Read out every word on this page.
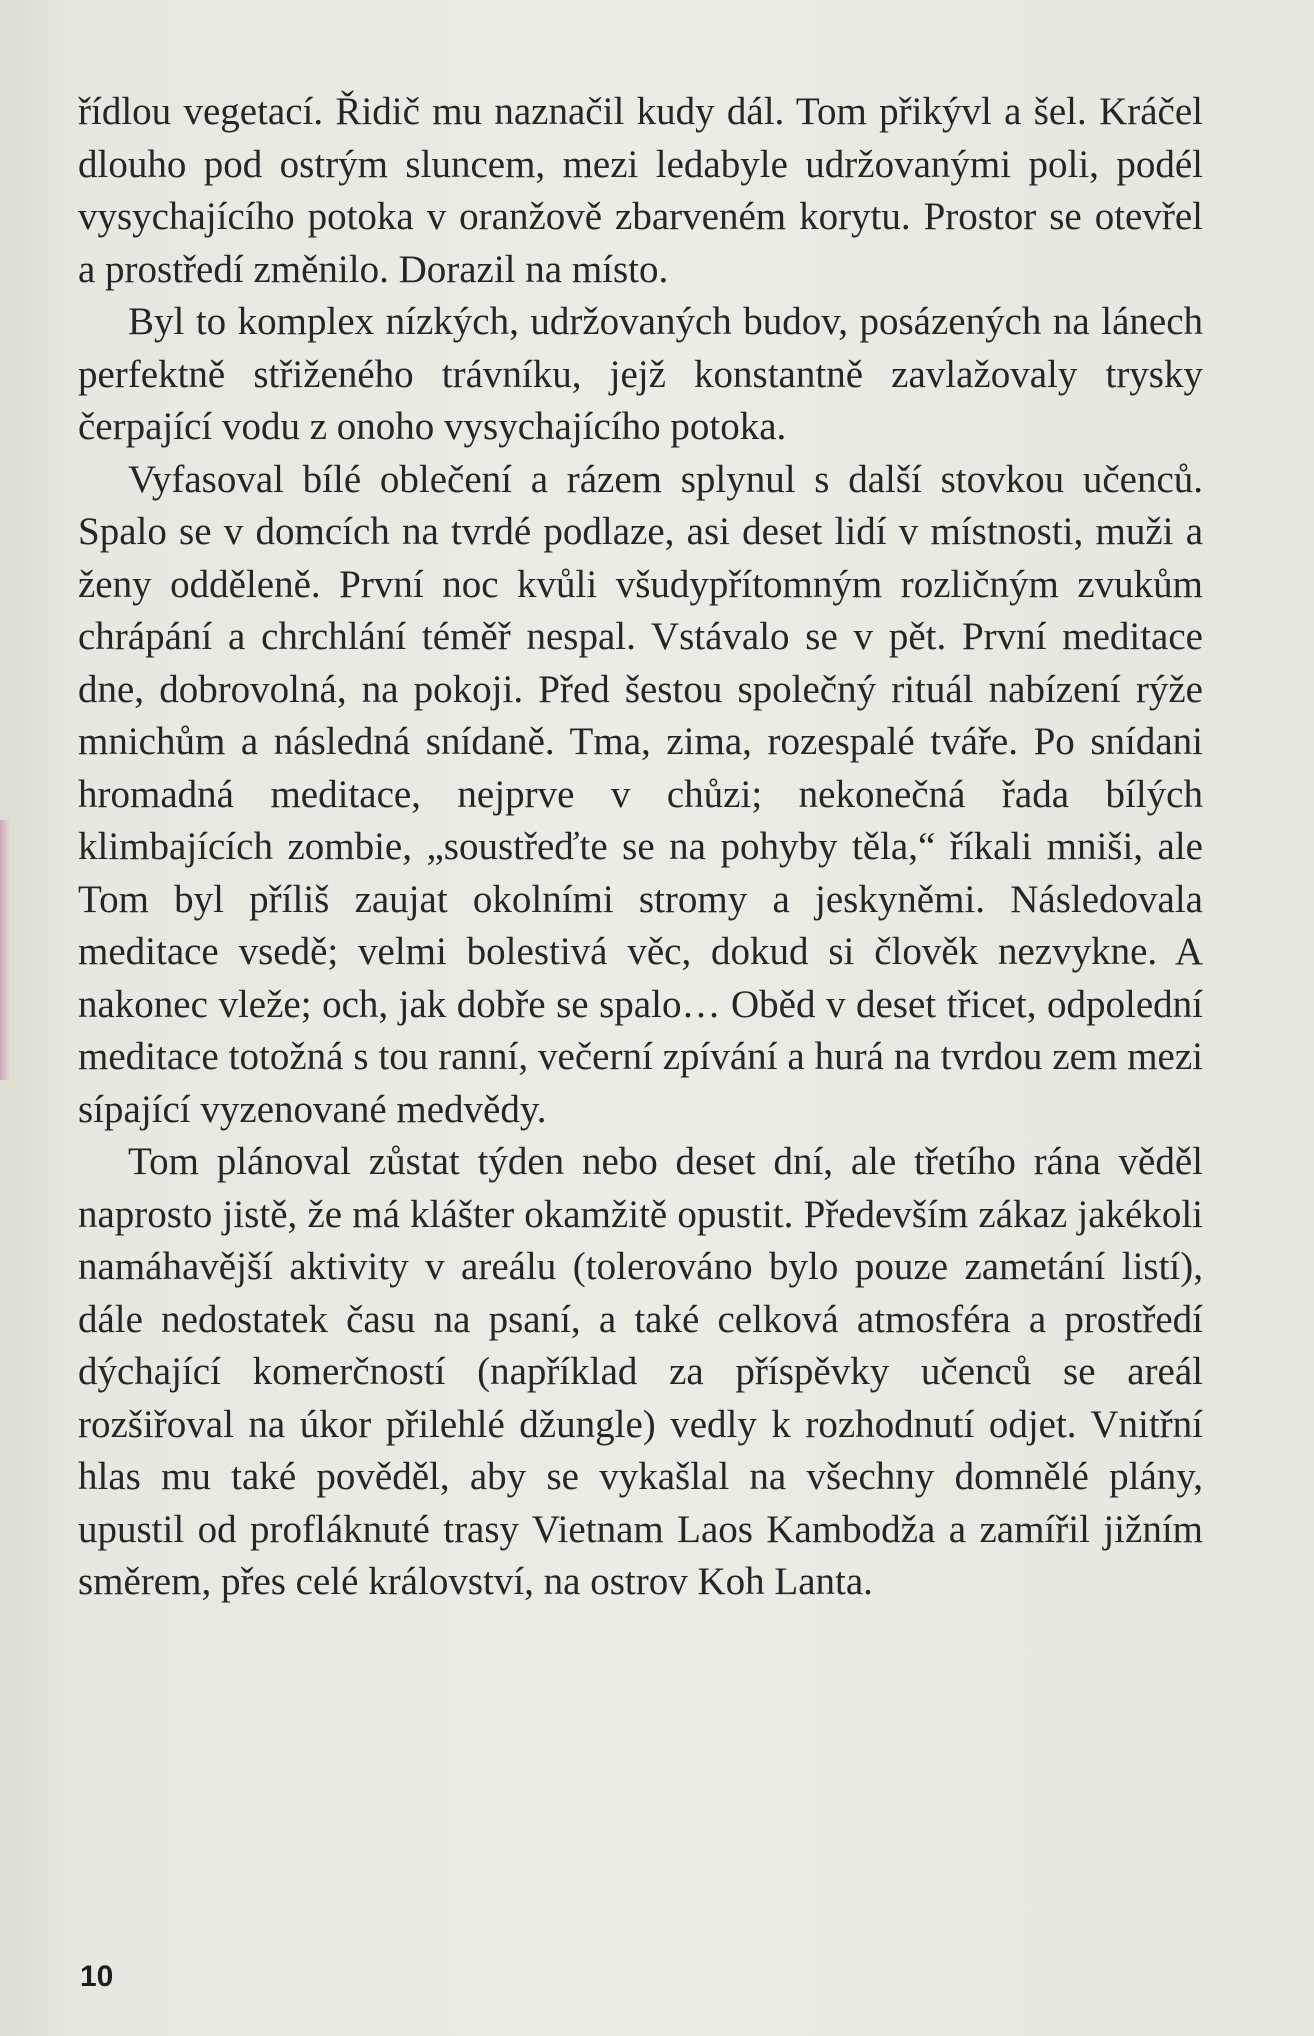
řídlou vegetací. Řidič mu naznačil kudy dál. Tom přikývl a šel. Kráčel dlouho pod ostrým sluncem, mezi ledabyle udržovanými poli, podél vysychajícího potoka v oranžově zbarveném korytu. Prostor se otevřel a prostředí změnilo. Dorazil na místo.

Byl to komplex nízkých, udržovaných budov, posázených na lánech perfektně střiženého trávníku, jejž konstantně zavlažovaly trysky čerpající vodu z onoho vysychajícího potoka.

Vyfasoval bílé oblečení a rázem splynul s další stovkou učenců. Spalo se v domcích na tvrdé podlaze, asi deset lidí v místnosti, muži a ženy odděleně. První noc kvůli všudypřítomným rozličným zvukům chrápání a chrchlání téměř nespal. Vstávalo se v pět. První meditace dne, dobrovolná, na pokoji. Před šestou společný rituál nabízení rýže mnichům a následná snídaně. Tma, zima, rozespalé tváře. Po snídani hromadná meditace, nejprve v chůzi; nekonečná řada bílých klimbajících zombie, „soustřeďte se na pohyby těla,“ říkali mniši, ale Tom byl příliš zaujat okolními stromy a jeskyněmi. Následovala meditace vsedě; velmi bolestivá věc, dokud si člověk nezvykne. A nakonec vleže; och, jak dobře se spalo… Oběd v deset třicet, odpolední meditace totožná s tou ranní, večerní zpívání a hurá na tvrdou zem mezi sípající vyzenované medvědy.

Tom plánoval zůstat týden nebo deset dní, ale třetího rána věděl naprosto jistě, že má klášter okamžitě opustit. Především zákaz jakékoli namáhavější aktivity v areálu (tolerováno bylo pouze zametání listí), dále nedostatek času na psaní, a také celková atmosféra a prostředí dýchající komerčností (například za příspěvky učenců se areál rozšiřoval na úkor přilehlé džungle) vedly k rozhodnutí odjet. Vnitřní hlas mu také pověděl, aby se vykašlal na všechny domnělé plány, upustil od profláknuté trasy Vietnam Laos Kambodža a zamířil jižním směrem, přes celé království, na ostrov Koh Lanta.

10
